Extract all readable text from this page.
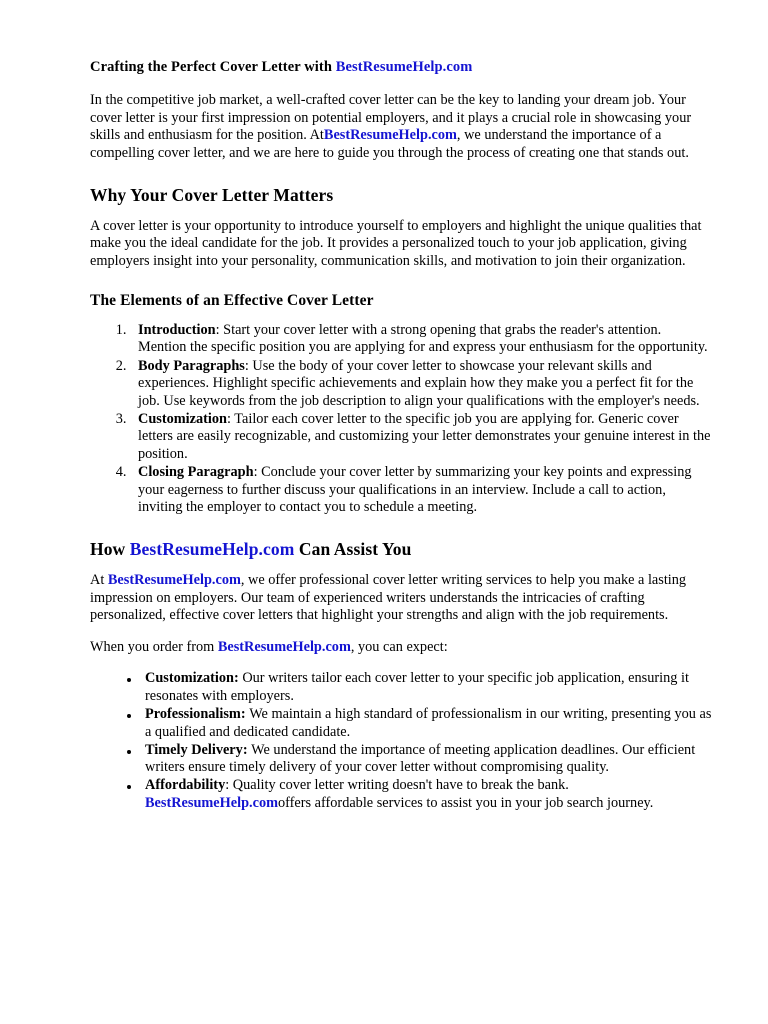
Crafting the Perfect Cover Letter with BestResumeHelp.com

In the competitive job market, a well-crafted cover letter can be the key to landing your dream job. Your cover letter is your first impression on potential employers, and it plays a crucial role in showcasing your skills and enthusiasm for the position. AtBestResumeHelp.com, we understand the importance of a compelling cover letter, and we are here to guide you through the process of creating one that stands out.

Why Your Cover Letter Matters

A cover letter is your opportunity to introduce yourself to employers and highlight the unique qualities that make you the ideal candidate for the job. It provides a personalized touch to your job application, giving employers insight into your personality, communication skills, and motivation to join their organization.

The Elements of an Effective Cover Letter
1. Introduction: Start your cover letter with a strong opening that grabs the reader's attention. Mention the specific position you are applying for and express your enthusiasm for the opportunity.
2. Body Paragraphs: Use the body of your cover letter to showcase your relevant skills and experiences. Highlight specific achievements and explain how they make you a perfect fit for the job. Use keywords from the job description to align your qualifications with the employer's needs.
3. Customization: Tailor each cover letter to the specific job you are applying for. Generic cover letters are easily recognizable, and customizing your letter demonstrates your genuine interest in the position.
4. Closing Paragraph: Conclude your cover letter by summarizing your key points and expressing your eagerness to further discuss your qualifications in an interview. Include a call to action, inviting the employer to contact you to schedule a meeting.
How BestResumeHelp.com Can Assist You

At BestResumeHelp.com, we offer professional cover letter writing services to help you make a lasting impression on employers. Our team of experienced writers understands the intricacies of crafting personalized, effective cover letters that highlight your strengths and align with the job requirements.

When you order from BestResumeHelp.com, you can expect:

Customization: Our writers tailor each cover letter to your specific job application, ensuring it resonates with employers.
Professionalism: We maintain a high standard of professionalism in our writing, presenting you as a qualified and dedicated candidate.
Timely Delivery: We understand the importance of meeting application deadlines. Our efficient writers ensure timely delivery of your cover letter without compromising quality.
Affordability: Quality cover letter writing doesn't have to break the bank. BestResumeHelp.comoffers affordable services to assist you in your job search journey.
